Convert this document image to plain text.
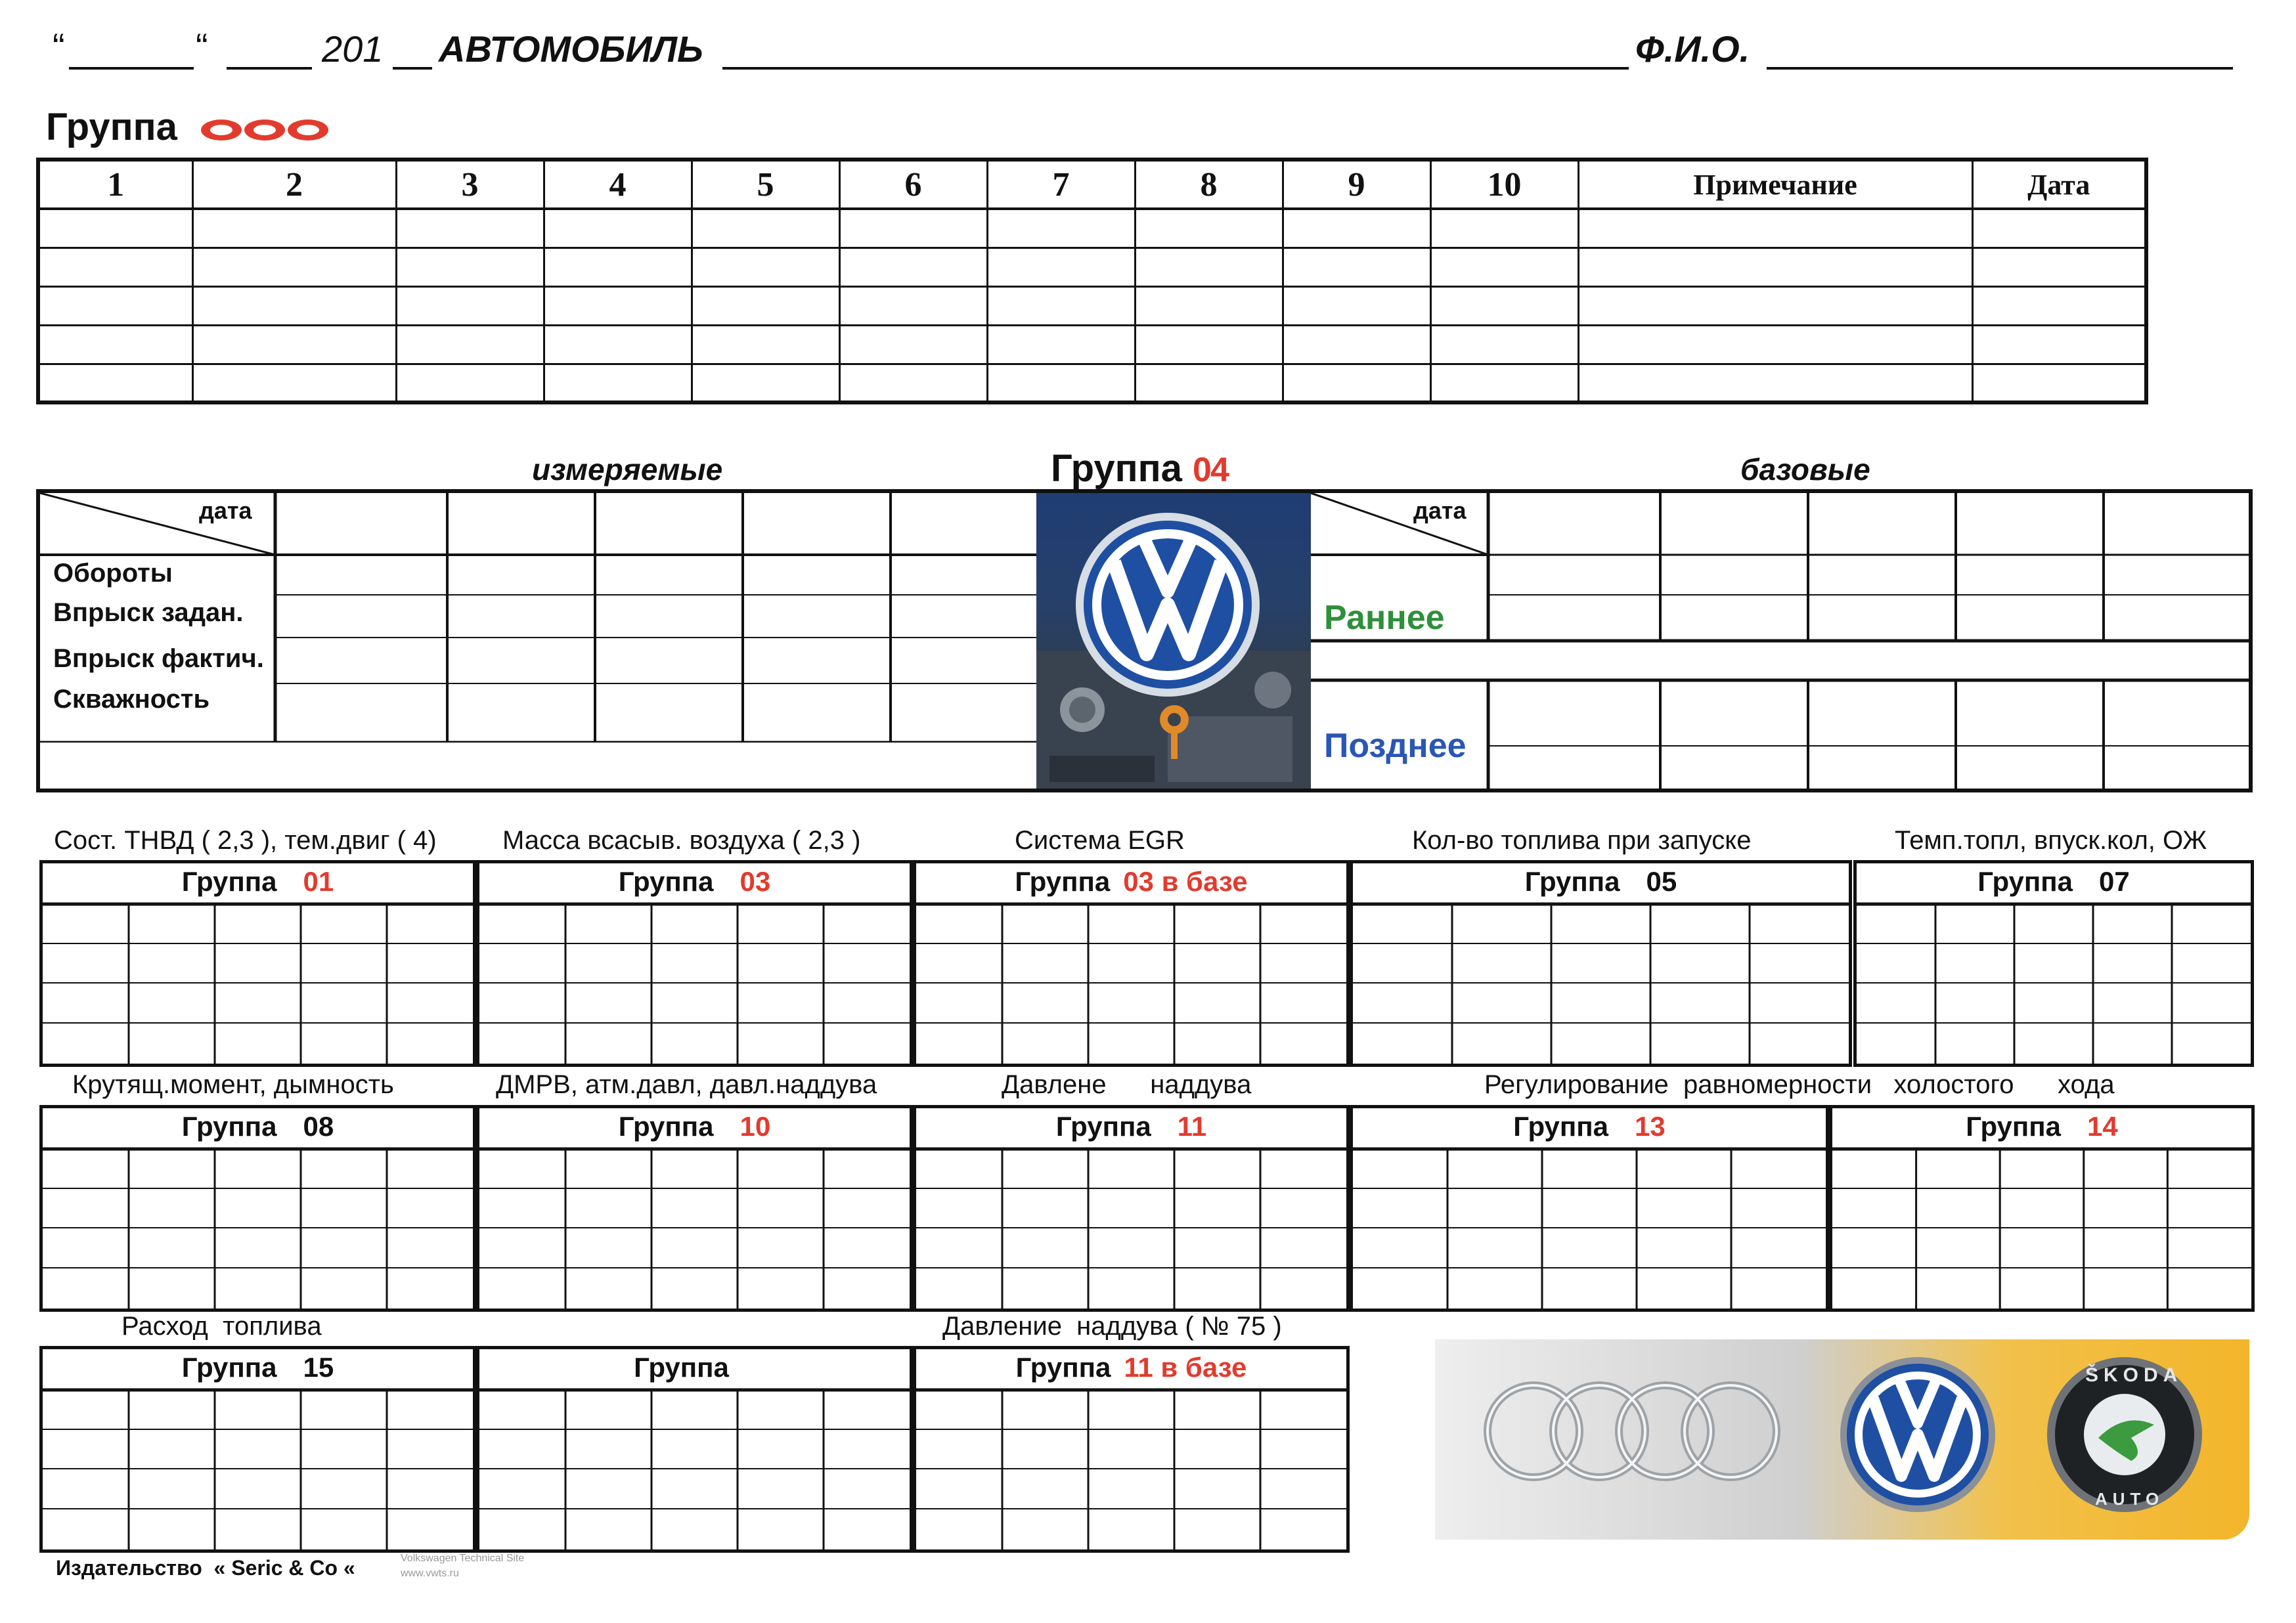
“	“	201 АВТОМОБИЛЬ	Ф.И.О.
Группа
1	2	3	4	5	6	7	8	9	10	Примечание	Дата

измеряемые	Группа 04	базовые
дата
Обороты
Впрыск задан.
Впрыск фактич.
Скважность
дата
Раннее
Позднее
Группа 01	Группа 03	Группа 03 в базе	Группа 05	Группа 07
Группа 08	Группа 10	Группа 11	Группа 13	Группа 14
Группа 15	Группа	Группа 11 в базе
Сост. ТНВД ( 2,3 ), тем.двиг ( 4)	Масса всасыв. воздуха ( 2,3 )	Система EGR	Кол-во топлива при запуске	Темп.топл, впуск.кол, ОЖ
Крутящ.момент, дымность	ДМРВ, атм.давл, давл.наддува	Давлене      наддува	Регулирование  равномерности   холостого      хода
Расход  топлива	Давление  наддува ( № 75 )
ŠKODA
AUTO
Издательство  « Seric & Co «	Volkswagen Technical Site
www.vwts.ru
